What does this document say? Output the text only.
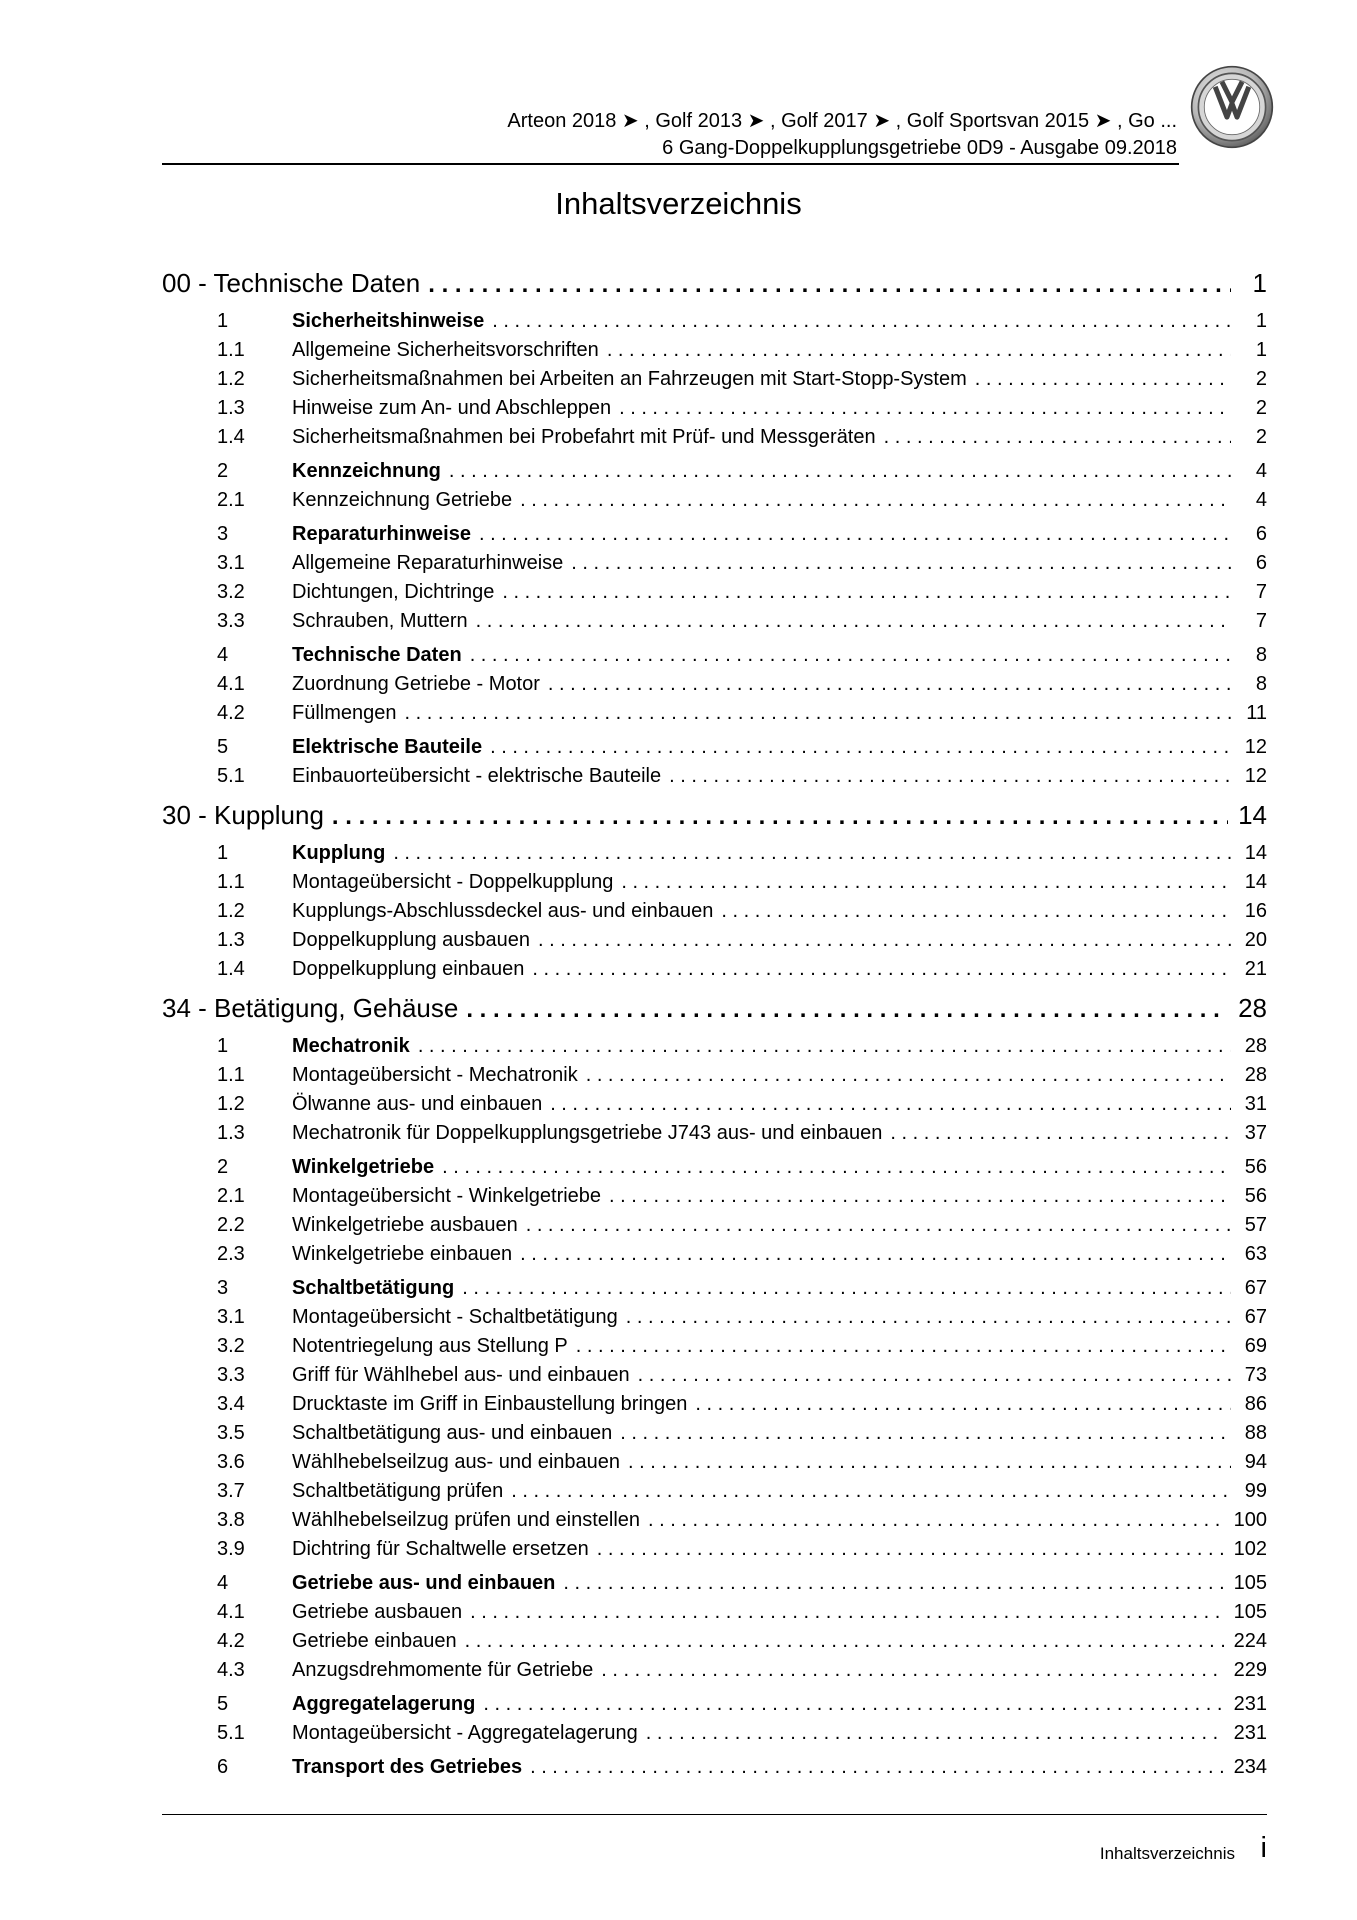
Arteon 2018 ➤ , Golf 2013 ➤ , Golf 2017 ➤ , Golf Sportsvan 2015 ➤ , Go ...
6 Gang-Doppelkupplungsgetriebe 0D9 - Ausgabe 09.2018
Inhaltsverzeichnis
00 - Technische Daten . . .	1
1	Sicherheitshinweise . . .	1
1.1	Allgemeine Sicherheitsvorschriften . . .	1
1.2	Sicherheitsmaßnahmen bei Arbeiten an Fahrzeugen mit Start-Stopp-System . . .	2
1.3	Hinweise zum An- und Abschleppen . . .	2
1.4	Sicherheitsmaßnahmen bei Probefahrt mit Prüf- und Messgeräten . . .	2
2	Kennzeichnung . . .	4
2.1	Kennzeichnung Getriebe . . .	4
3	Reparaturhinweise . . .	6
3.1	Allgemeine Reparaturhinweise . . .	6
3.2	Dichtungen, Dichtringe . . .	7
3.3	Schrauben, Muttern . . .	7
4	Technische Daten . . .	8
4.1	Zuordnung Getriebe - Motor . . .	8
4.2	Füllmengen . . .	11
5	Elektrische Bauteile . . .	12
5.1	Einbauorteübersicht - elektrische Bauteile . . .	12
30 - Kupplung . . .	14
1	Kupplung . . .	14
1.1	Montageübersicht - Doppelkupplung . . .	14
1.2	Kupplungs-Abschlussdeckel aus- und einbauen . . .	16
1.3	Doppelkupplung ausbauen . . .	20
1.4	Doppelkupplung einbauen . . .	21
34 - Betätigung, Gehäuse . . .	28
1	Mechatronik . . .	28
1.1	Montageübersicht - Mechatronik . . .	28
1.2	Ölwanne aus- und einbauen . . .	31
1.3	Mechatronik für Doppelkupplungsgetriebe J743 aus- und einbauen . . .	37
2	Winkelgetriebe . . .	56
2.1	Montageübersicht - Winkelgetriebe . . .	56
2.2	Winkelgetriebe ausbauen . . .	57
2.3	Winkelgetriebe einbauen . . .	63
3	Schaltbetätigung . . .	67
3.1	Montageübersicht - Schaltbetätigung . . .	67
3.2	Notentriegelung aus Stellung P . . .	69
3.3	Griff für Wählhebel aus- und einbauen . . .	73
3.4	Drucktaste im Griff in Einbaustellung bringen . . .	86
3.5	Schaltbetätigung aus- und einbauen . . .	88
3.6	Wählhebelseilzug aus- und einbauen . . .	94
3.7	Schaltbetätigung prüfen . . .	99
3.8	Wählhebelseilzug prüfen und einstellen . . .	100
3.9	Dichtring für Schaltwelle ersetzen . . .	102
4	Getriebe aus- und einbauen . . .	105
4.1	Getriebe ausbauen . . .	105
4.2	Getriebe einbauen . . .	224
4.3	Anzugsdrehmomente für Getriebe . . .	229
5	Aggregatelagerung . . .	231
5.1	Montageübersicht - Aggregatelagerung . . .	231
6	Transport des Getriebes . . .	234
Inhaltsverzeichnis i
